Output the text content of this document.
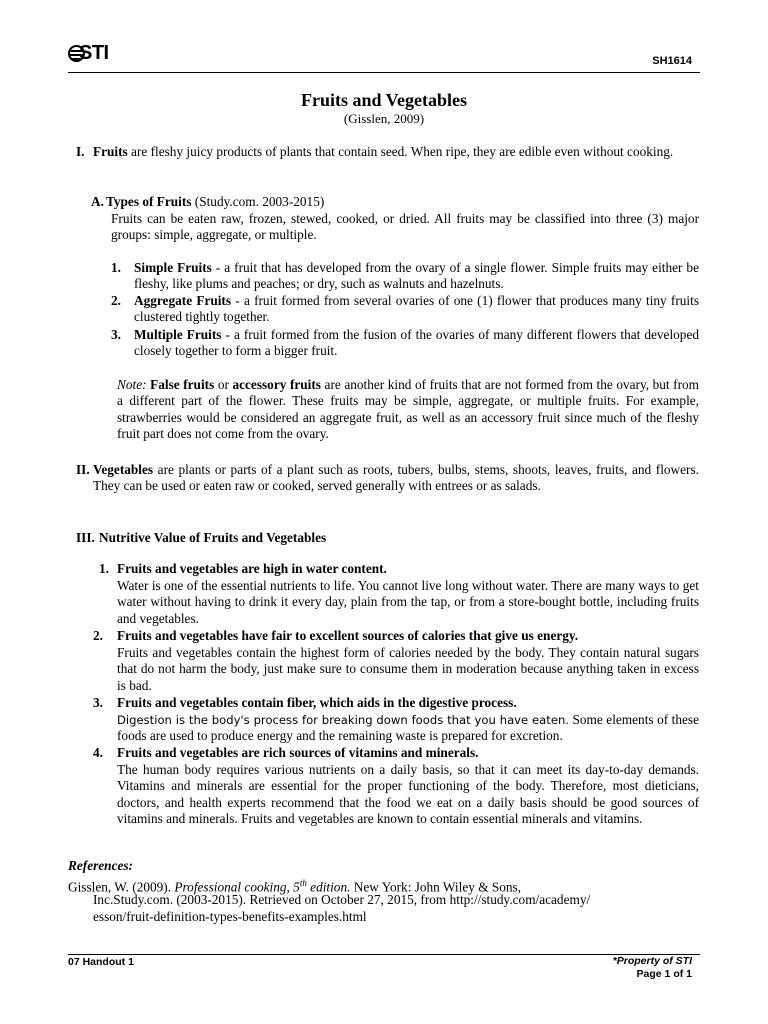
STI	SH1614
Fruits and Vegetables
(Gisslen, 2009)
I. Fruits are fleshy juicy products of plants that contain seed. When ripe, they are edible even without cooking.
A. Types of Fruits (Study.com. 2003-2015)
Fruits can be eaten raw, frozen, stewed, cooked, or dried. All fruits may be classified into three (3) major groups: simple, aggregate, or multiple.
1. Simple Fruits - a fruit that has developed from the ovary of a single flower. Simple fruits may either be fleshy, like plums and peaches; or dry, such as walnuts and hazelnuts.
2. Aggregate Fruits - a fruit formed from several ovaries of one (1) flower that produces many tiny fruits clustered tightly together.
3. Multiple Fruits - a fruit formed from the fusion of the ovaries of many different flowers that developed closely together to form a bigger fruit.
Note: False fruits or accessory fruits are another kind of fruits that are not formed from the ovary, but from a different part of the flower. These fruits may be simple, aggregate, or multiple fruits. For example, strawberries would be considered an aggregate fruit, as well as an accessory fruit since much of the fleshy fruit part does not come from the ovary.
II. Vegetables are plants or parts of a plant such as roots, tubers, bulbs, stems, shoots, leaves, fruits, and flowers. They can be used or eaten raw or cooked, served generally with entrees or as salads.
III. Nutritive Value of Fruits and Vegetables
1. Fruits and vegetables are high in water content.
Water is one of the essential nutrients to life. You cannot live long without water. There are many ways to get water without having to drink it every day, plain from the tap, or from a store-bought bottle, including fruits and vegetables.
2. Fruits and vegetables have fair to excellent sources of calories that give us energy.
Fruits and vegetables contain the highest form of calories needed by the body. They contain natural sugars that do not harm the body, just make sure to consume them in moderation because anything taken in excess is bad.
3. Fruits and vegetables contain fiber, which aids in the digestive process.
Digestion is the body's process for breaking down foods that you have eaten. Some elements of these foods are used to produce energy and the remaining waste is prepared for excretion.
4. Fruits and vegetables are rich sources of vitamins and minerals.
The human body requires various nutrients on a daily basis, so that it can meet its day-to-day demands. Vitamins and minerals are essential for the proper functioning of the body. Therefore, most dieticians, doctors, and health experts recommend that the food we eat on a daily basis should be good sources of vitamins and minerals. Fruits and vegetables are known to contain essential minerals and vitamins.
References:
Gisslen, W. (2009). Professional cooking, 5th edition. New York: John Wiley & Sons,
Inc.Study.com. (2003-2015). Retrieved on October 27, 2015, from http://study.com/academy/
esson/fruit-definition-types-benefits-examples.html
07 Handout 1	*Property of STI
Page 1 of 1
